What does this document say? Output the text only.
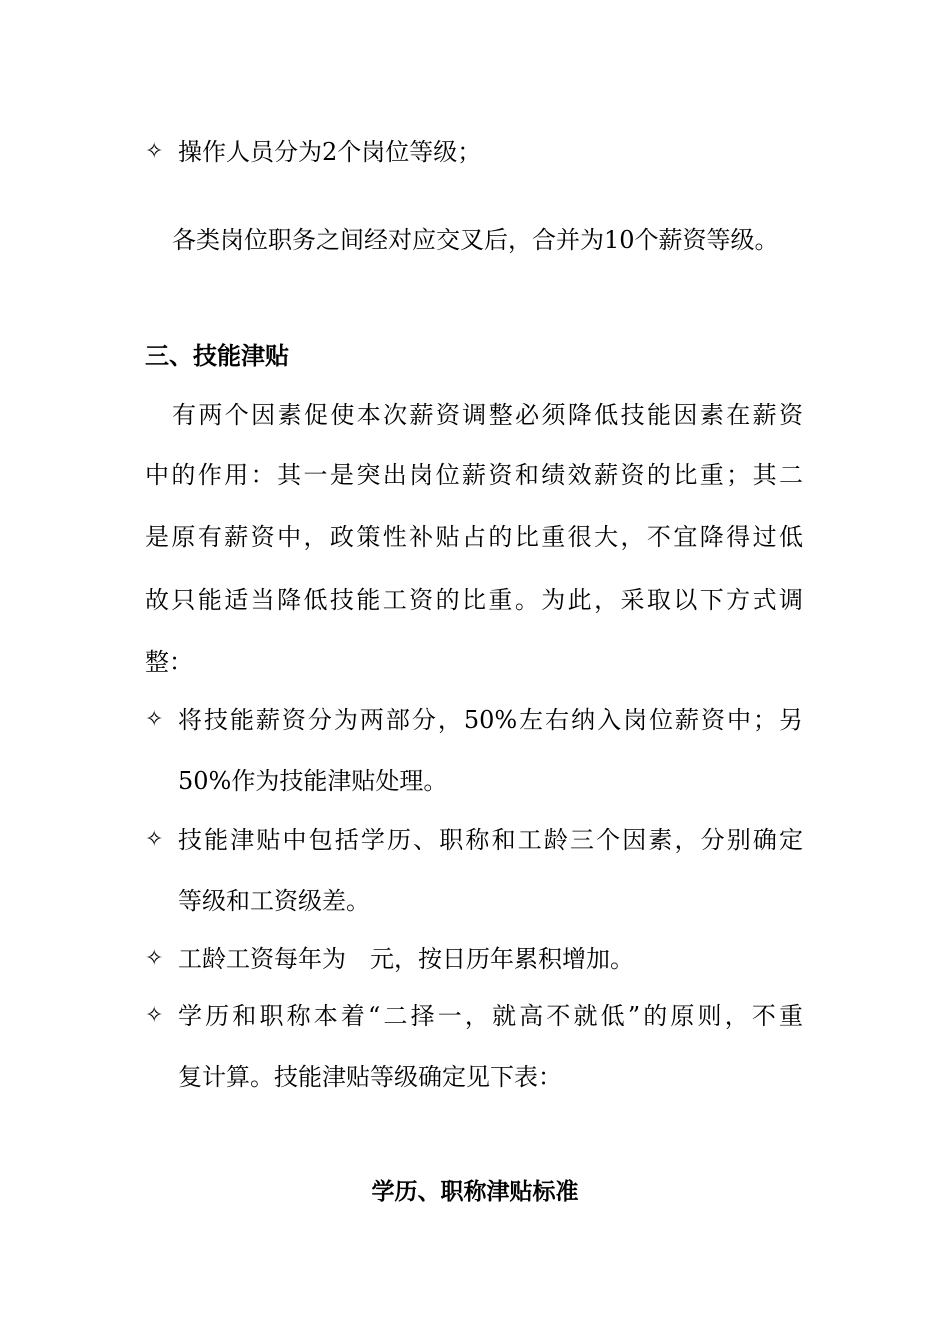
✧ 操作人员分为2个岗位等级；
各类岗位职务之间经对应交叉后，合并为10个薪资等级。
三、技能津贴
有两个因素促使本次薪资调整必须降低技能因素在薪资
中的作用：其一是突出岗位薪资和绩效薪资的比重；其二
是原有薪资中，政策性补贴占的比重很大，不宜降得过低
故只能适当降低技能工资的比重。为此，采取以下方式调
整：
✧ 将技能薪资分为两部分，50%左右纳入岗位薪资中；另
50%作为技能津贴处理。
✧ 技能津贴中包括学历、职称和工龄三个因素，分别确定
等级和工资级差。
✧ 工龄工资每年为　元，按日历年累积增加。
✧ 学历和职称本着“二择一，就高不就低”的原则，不重
复计算。技能津贴等级确定见下表：
学历、职称津贴标准
